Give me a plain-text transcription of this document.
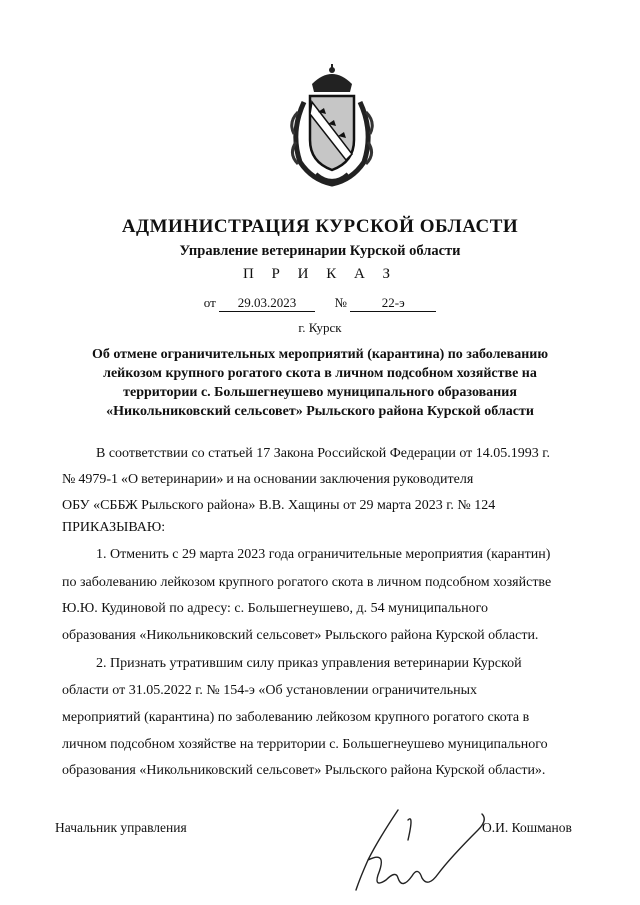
АДМИНИСТРАЦИЯ КУРСКОЙ ОБЛАСТИ
Управление ветеринарии Курской области
П Р И К А З
от 29.03.2023	№	22-э
г. Курск
Об отмене ограничительных мероприятий (карантина) по заболеванию
лейкозом крупного рогатого скота в личном подсобном хозяйстве на
территории с. Большегнеушево муниципального образования
«Никольниковский сельсовет» Рыльского района Курской области
В соответствии со статьей 17 Закона Российской Федерации от 14.05.1993 г.
№ 4979-1 «О ветеринарии» и на основании заключения руководителя
ОБУ «СББЖ Рыльского района» В.В. Хащины от 29 марта 2023 г. № 124
ПРИКАЗЫВАЮ:
1. Отменить с 29 марта 2023 года ограничительные мероприятия (карантин)
по заболеванию лейкозом крупного рогатого скота в личном подсобном хозяйстве
Ю.Ю. Кудиновой по адресу: с. Большегнеушево, д. 54 муниципального
образования «Никольниковский сельсовет» Рыльского района Курской области.
2. Признать утратившим силу приказ управления ветеринарии Курской
области от 31.05.2022 г. № 154-э «Об установлении ограничительных
мероприятий (карантина) по заболеванию лейкозом крупного рогатого скота в
личном подсобном хозяйстве на территории с. Большегнеушево муниципального
образования «Никольниковский сельсовет» Рыльского района Курской области».
Начальник управления	О.И. Кошманов
